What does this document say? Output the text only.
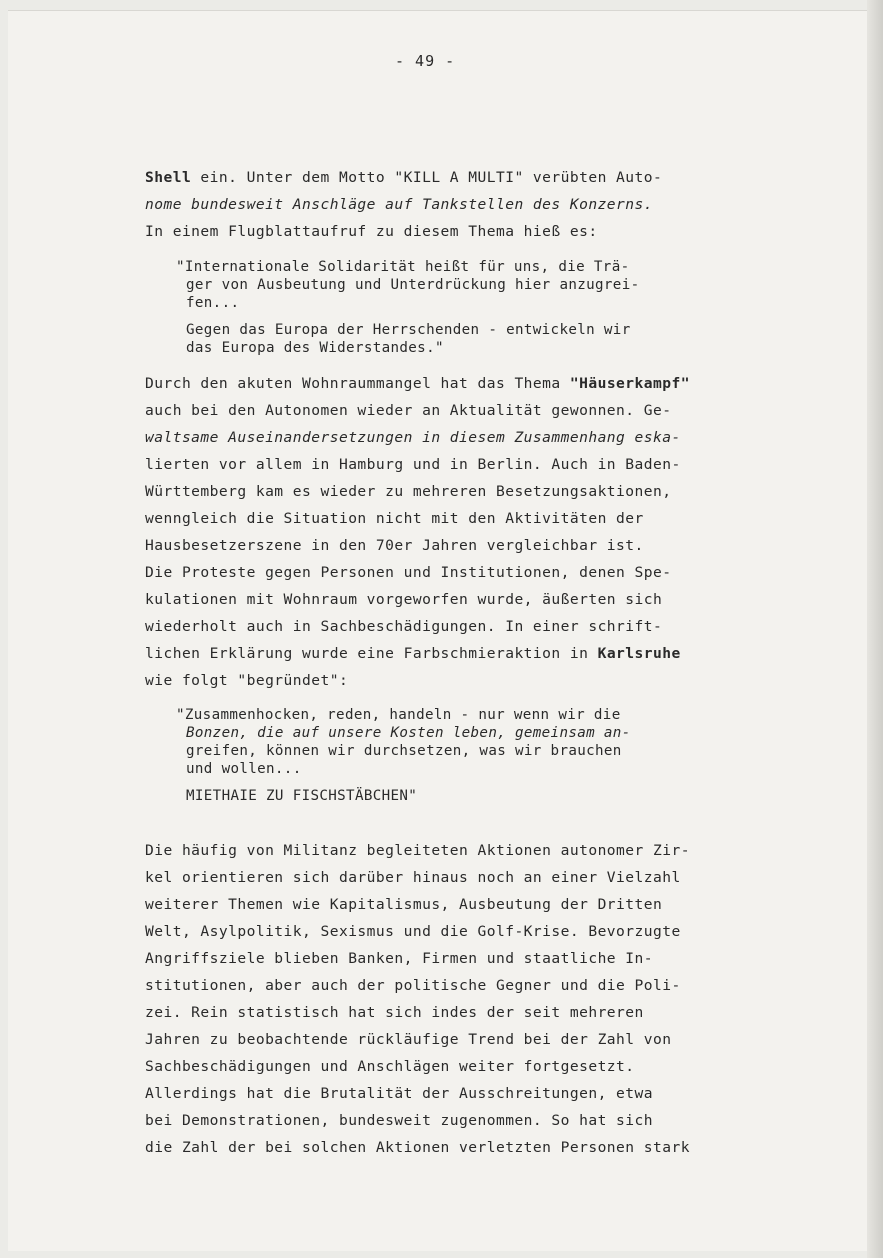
- 49 -
Shell ein. Unter dem Motto "KILL A MULTI" verübten Auto-
nome bundesweit Anschläge auf Tankstellen des Konzerns.
In einem Flugblattaufruf zu diesem Thema hieß es:
"Internationale Solidarität heißt für uns, die Trä-
ger von Ausbeutung und Unterdrückung hier anzugrei-
fen...
Gegen das Europa der Herrschenden - entwickeln wir
das Europa des Widerstandes."
Durch den akuten Wohnraummangel hat das Thema "Häuserkampf"
auch bei den Autonomen wieder an Aktualität gewonnen. Ge-
waltsame Auseinandersetzungen in diesem Zusammenhang eska-
lierten vor allem in Hamburg und in Berlin. Auch in Baden-
Württemberg kam es wieder zu mehreren Besetzungsaktionen,
wenngleich die Situation nicht mit den Aktivitäten der
Hausbesetzerszene in den 70er Jahren vergleichbar ist.
Die Proteste gegen Personen und Institutionen, denen Spe-
kulationen mit Wohnraum vorgeworfen wurde, äußerten sich
wiederholt auch in Sachbeschädigungen. In einer schrift-
lichen Erklärung wurde eine Farbschmieraktion in Karlsruhe
wie folgt "begründet":
"Zusammenhocken, reden, handeln - nur wenn wir die
Bonzen, die auf unsere Kosten leben, gemeinsam an-
greifen, können wir durchsetzen, was wir brauchen
und wollen...
MIETHAIE ZU FISCHSTÄBCHEN"
Die häufig von Militanz begleiteten Aktionen autonomer Zir-
kel orientieren sich darüber hinaus noch an einer Vielzahl
weiterer Themen wie Kapitalismus, Ausbeutung der Dritten
Welt, Asylpolitik, Sexismus und die Golf-Krise. Bevorzugte
Angriffsziele blieben Banken, Firmen und staatliche In-
stitutionen, aber auch der politische Gegner und die Poli-
zei. Rein statistisch hat sich indes der seit mehreren
Jahren zu beobachtende rückläufige Trend bei der Zahl von
Sachbeschädigungen und Anschlägen weiter fortgesetzt.
Allerdings hat die Brutalität der Ausschreitungen, etwa
bei Demonstrationen, bundesweit zugenommen. So hat sich
die Zahl der bei solchen Aktionen verletzten Personen stark
